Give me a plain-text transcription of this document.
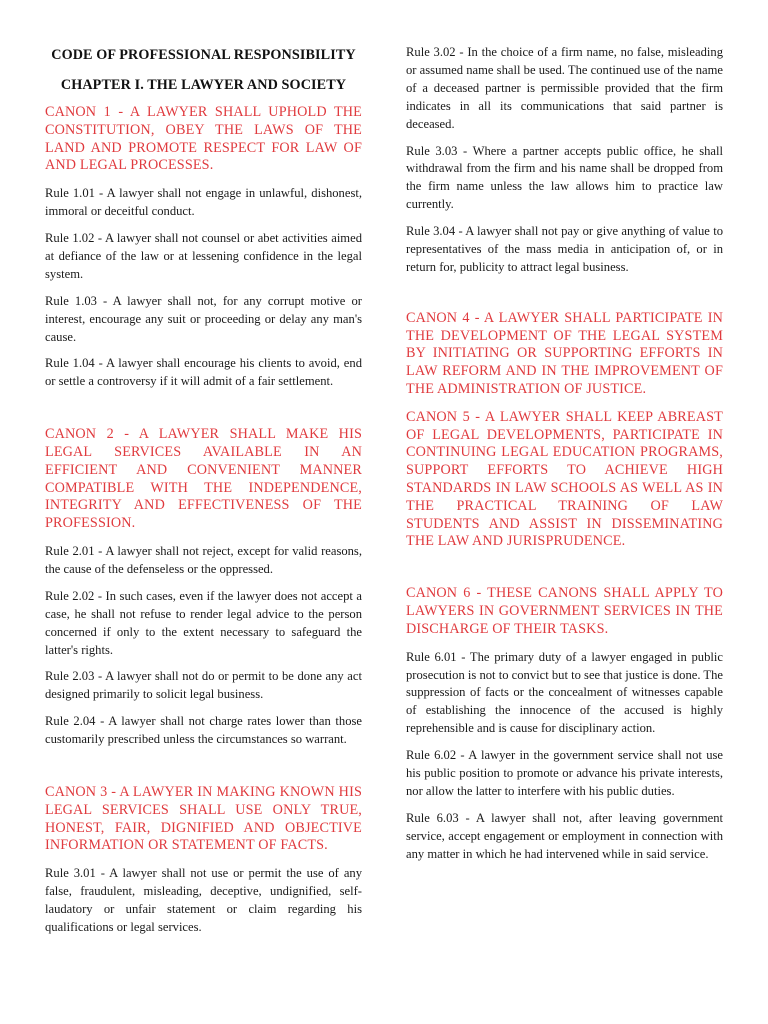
CODE OF PROFESSIONAL RESPONSIBILITY
CHAPTER I. THE LAWYER AND SOCIETY

CANON 1 - A LAWYER SHALL UPHOLD THE CONSTITUTION, OBEY THE LAWS OF THE LAND AND PROMOTE RESPECT FOR LAW OF AND LEGAL PROCESSES.

Rule 1.01 - A lawyer shall not engage in unlawful, dishonest, immoral or deceitful conduct.

Rule 1.02 - A lawyer shall not counsel or abet activities aimed at defiance of the law or at lessening confidence in the legal system.

Rule 1.03 - A lawyer shall not, for any corrupt motive or interest, encourage any suit or proceeding or delay any man's cause.

Rule 1.04 - A lawyer shall encourage his clients to avoid, end or settle a controversy if it will admit of a fair settlement.

CANON 2 - A LAWYER SHALL MAKE HIS LEGAL SERVICES AVAILABLE IN AN EFFICIENT AND CONVENIENT MANNER COMPATIBLE WITH THE INDEPENDENCE, INTEGRITY AND EFFECTIVENESS OF THE PROFESSION.

Rule 2.01 - A lawyer shall not reject, except for valid reasons, the cause of the defenseless or the oppressed.

Rule 2.02 - In such cases, even if the lawyer does not accept a case, he shall not refuse to render legal advice to the person concerned if only to the extent necessary to safeguard the latter's rights.

Rule 2.03 - A lawyer shall not do or permit to be done any act designed primarily to solicit legal business.

Rule 2.04 - A lawyer shall not charge rates lower than those customarily prescribed unless the circumstances so warrant.

CANON 3 - A LAWYER IN MAKING KNOWN HIS LEGAL SERVICES SHALL USE ONLY TRUE, HONEST, FAIR, DIGNIFIED AND OBJECTIVE INFORMATION OR STATEMENT OF FACTS.

Rule 3.01 - A lawyer shall not use or permit the use of any false, fraudulent, misleading, deceptive, undignified, self-laudatory or unfair statement or claim regarding his qualifications or legal services.

Rule 3.02 - In the choice of a firm name, no false, misleading or assumed name shall be used. The continued use of the name of a deceased partner is permissible provided that the firm indicates in all its communications that said partner is deceased.

Rule 3.03 - Where a partner accepts public office, he shall withdrawal from the firm and his name shall be dropped from the firm name unless the law allows him to practice law currently.

Rule 3.04 - A lawyer shall not pay or give anything of value to representatives of the mass media in anticipation of, or in return for, publicity to attract legal business.

CANON 4 - A LAWYER SHALL PARTICIPATE IN THE DEVELOPMENT OF THE LEGAL SYSTEM BY INITIATING OR SUPPORTING EFFORTS IN LAW REFORM AND IN THE IMPROVEMENT OF THE ADMINISTRATION OF JUSTICE.

CANON 5 - A LAWYER SHALL KEEP ABREAST OF LEGAL DEVELOPMENTS, PARTICIPATE IN CONTINUING LEGAL EDUCATION PROGRAMS, SUPPORT EFFORTS TO ACHIEVE HIGH STANDARDS IN LAW SCHOOLS AS WELL AS IN THE PRACTICAL TRAINING OF LAW STUDENTS AND ASSIST IN DISSEMINATING THE LAW AND JURISPRUDENCE.

CANON 6 - THESE CANONS SHALL APPLY TO LAWYERS IN GOVERNMENT SERVICES IN THE DISCHARGE OF THEIR TASKS.

Rule 6.01 - The primary duty of a lawyer engaged in public prosecution is not to convict but to see that justice is done. The suppression of facts or the concealment of witnesses capable of establishing the innocence of the accused is highly reprehensible and is cause for disciplinary action.

Rule 6.02 - A lawyer in the government service shall not use his public position to promote or advance his private interests, nor allow the latter to interfere with his public duties.

Rule 6.03 - A lawyer shall not, after leaving government service, accept engagement or employment in connection with any matter in which he had intervened while in said service.
